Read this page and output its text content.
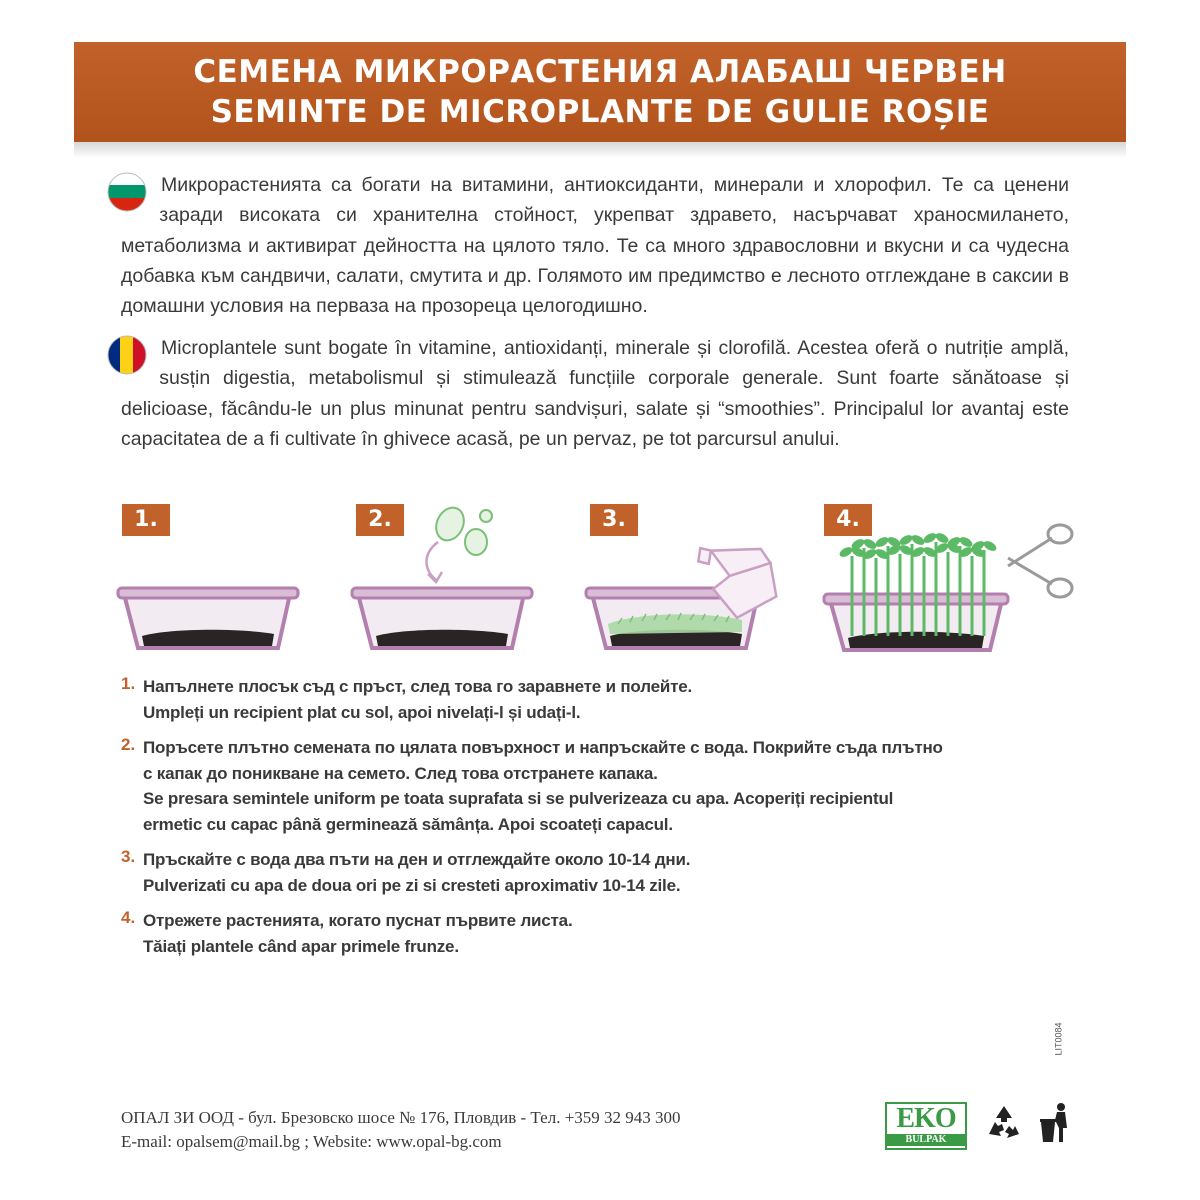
СЕМЕНА МИКРОРАСТЕНИЯ АЛАБАШ ЧЕРВЕН
SEMINTE DE MICROPLANTE DE GULIE ROȘIE
Микрорастенията са богати на витамини, антиоксиданти, минерали и хлорофил. Те са ценени заради високата си хранителна стойност, укрепват здравето, насърчават храносмилането, метаболизма и активират дейността на цялото тяло. Те са много здравословни и вкусни и са чудесна добавка към сандвичи, салати, смутита и др. Голямото им предимство е лесното отглеждане в саксии в домашни условия на перваза на прозореца целогодишно.
Microplantele sunt bogate în vitamine, antioxidanți, minerale și clorofilă. Acestea oferă o nutriție amplă, susțin digestia, metabolismul și stimulează funcțiile corporale generale. Sunt foarte sănătoase și delicioase, făcându-le un plus minunat pentru sandvișuri, salate și “smoothies”. Principalul lor avantaj este capacitatea de a fi cultivate în ghivece acasă, pe un pervaz, pe tot parcursul anului.
1.	2.	3.	4.
1. Напълнете плосък съд с пръст, след това го заравнете и полейте.
Umpleți un recipient plat cu sol, apoi nivelați-l și udați-l.
2. Поръсете плътно семената по цялата повърхност и напръскайте с вода. Покрийте съда плътно
с капак до поникване на семето. След това отстранете капака.
Se presara semintele uniform pe toata suprafata si se pulverizeaza cu apa. Acoperiți recipientul
ermetic cu capac până germinează sămânța. Apoi scoateți capacul.
3. Пръскайте с вода два пъти на ден и отглеждайте около 10-14 дни.
Pulverizati cu apa de doua ori pe zi si cresteti aproximativ 10-14 zile.
4. Отрежете растенията, когато пуснат първите листа.
Tăiați plantele când apar primele frunze.
LIT0084
ОПАЛ ЗИ ООД - бул. Брезовско шосе № 176, Пловдив - Тел. +359 32 943 300
E-mail: opalsem@mail.bg ; Website: www.opal-bg.com
EKO
BULPAK
